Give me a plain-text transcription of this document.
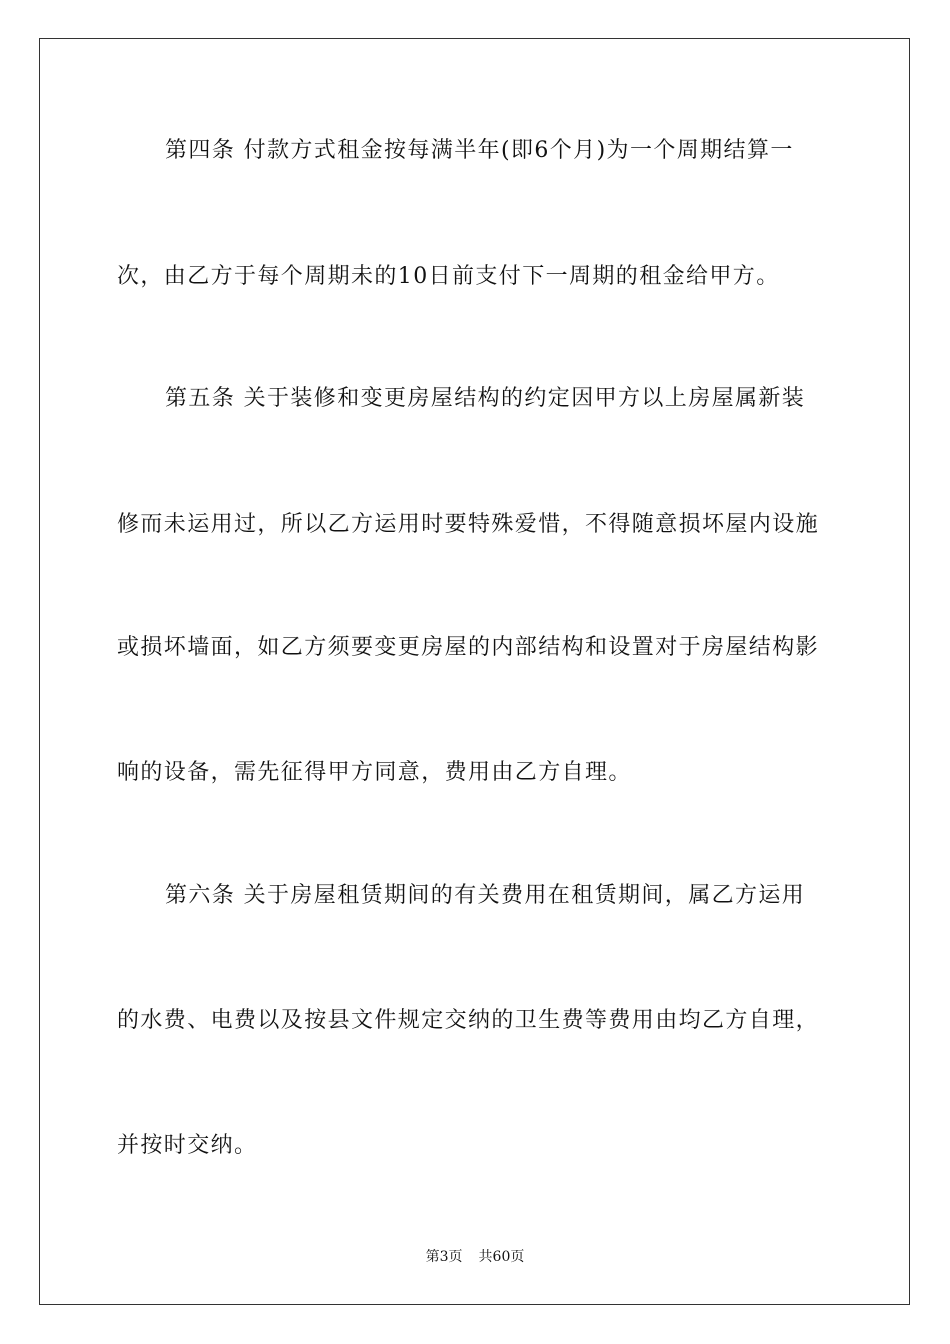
第四条 付款方式租金按每满半年(即6个月)为一个周期结算一
次，由乙方于每个周期未的10日前支付下一周期的租金给甲方。
第五条 关于装修和变更房屋结构的约定因甲方以上房屋属新装
修而未运用过，所以乙方运用时要特殊爱惜，不得随意损坏屋内设施
或损坏墙面，如乙方须要变更房屋的内部结构和设置对于房屋结构影
响的设备，需先征得甲方同意，费用由乙方自理。
第六条 关于房屋租赁期间的有关费用在租赁期间，属乙方运用
的水费、电费以及按县文件规定交纳的卫生费等费用由均乙方自理，
并按时交纳。
第3页 共60页
